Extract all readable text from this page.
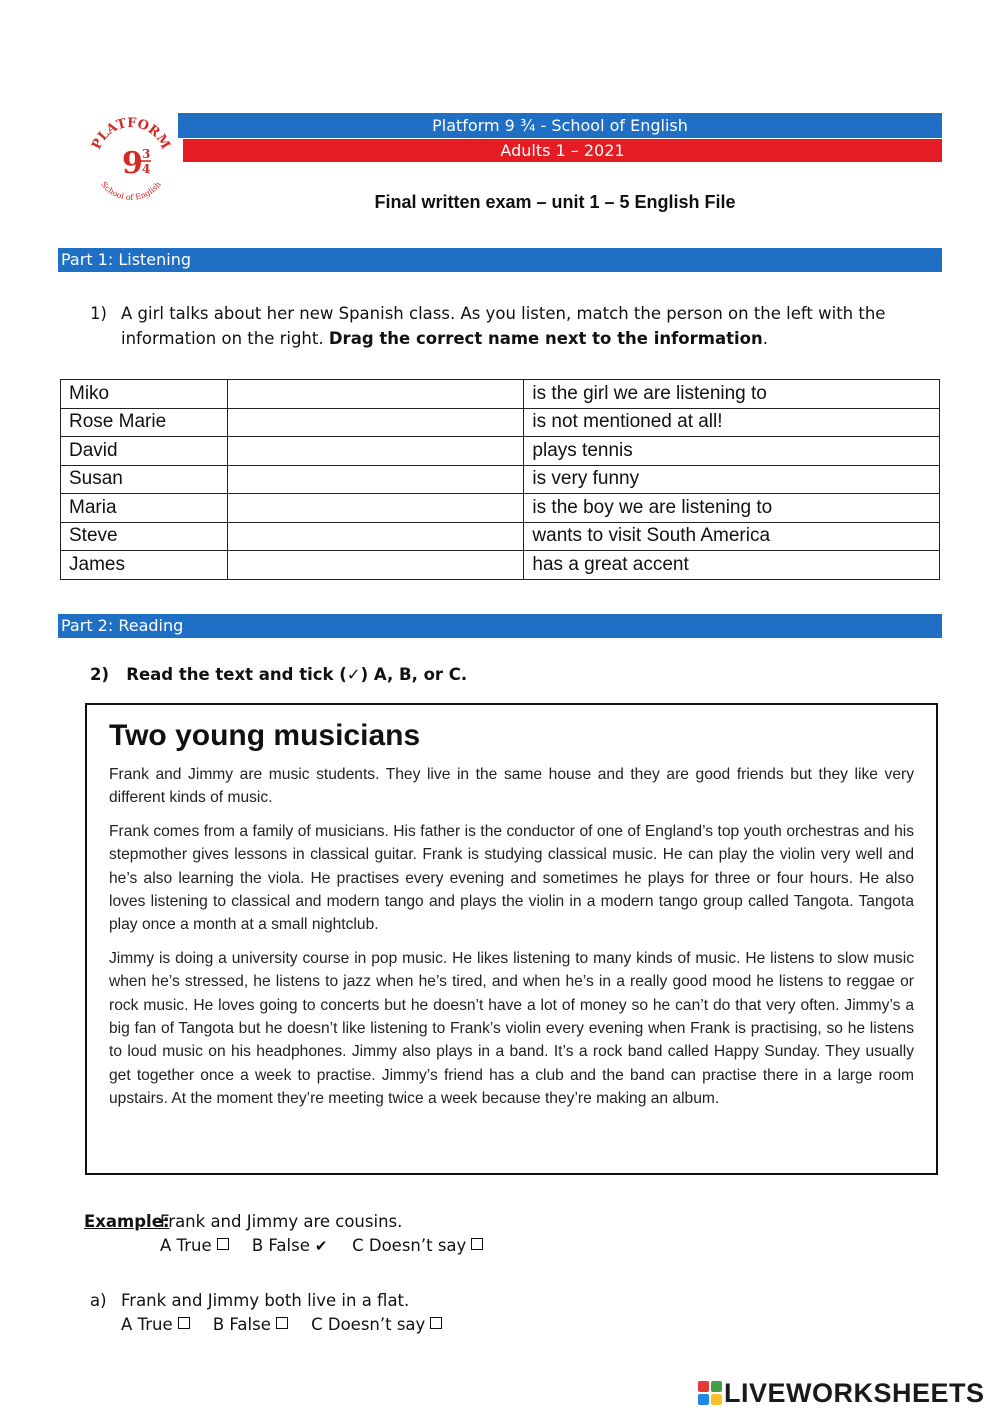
PLATFORM
9 3
4
School of English
Platform 9 ¾ - School of English
Adults 1 – 2021
Final written exam – unit 1 – 5 English File
Part 1: Listening
1) A girl talks about her new Spanish class. As you listen, match the person on the left with the information on the right. Drag the correct name next to the information.
Miko		is the girl we are listening to
Rose Marie		is not mentioned at all!
David		plays tennis
Susan		is very funny
Maria		is the boy we are listening to
Steve		wants to visit South America
James		has a great accent
Part 2: Reading
2) Read the text and tick (✓) A, B, or C.
Two young musicians

Frank and Jimmy are music students. They live in the same house and they are good friends but they like very different kinds of music.

Frank comes from a family of musicians. His father is the conductor of one of England’s top youth orchestras and his stepmother gives lessons in classical guitar. Frank is studying classical music. He can play the violin very well and he’s also learning the viola. He practises every evening and sometimes he plays for three or four hours. He also loves listening to classical and modern tango and plays the violin in a modern tango group called Tangota. Tangota play once a month at a small nightclub.

Jimmy is doing a university course in pop music. He likes listening to many kinds of music. He listens to slow music when he’s stressed, he listens to jazz when he’s tired, and when he’s in a really good mood he listens to reggae or rock music. He loves going to concerts but he doesn’t have a lot of money so he can’t do that very often. Jimmy’s a big fan of Tangota but he doesn’t like listening to Frank’s violin every evening when Frank is practising, so he listens to loud music on his headphones. Jimmy also plays in a band. It’s a rock band called Happy Sunday. They usually get together once a week to practise. Jimmy’s friend has a club and the band can practise there in a large room upstairs. At the moment they’re meeting twice a week because they’re making an album.

Example:
Frank and Jimmy are cousins.
A True B False ✔ C Doesn’t say
a) Frank and Jimmy both live in a flat.
A True B False C Doesn’t say
LIVEWORKSHEETS
